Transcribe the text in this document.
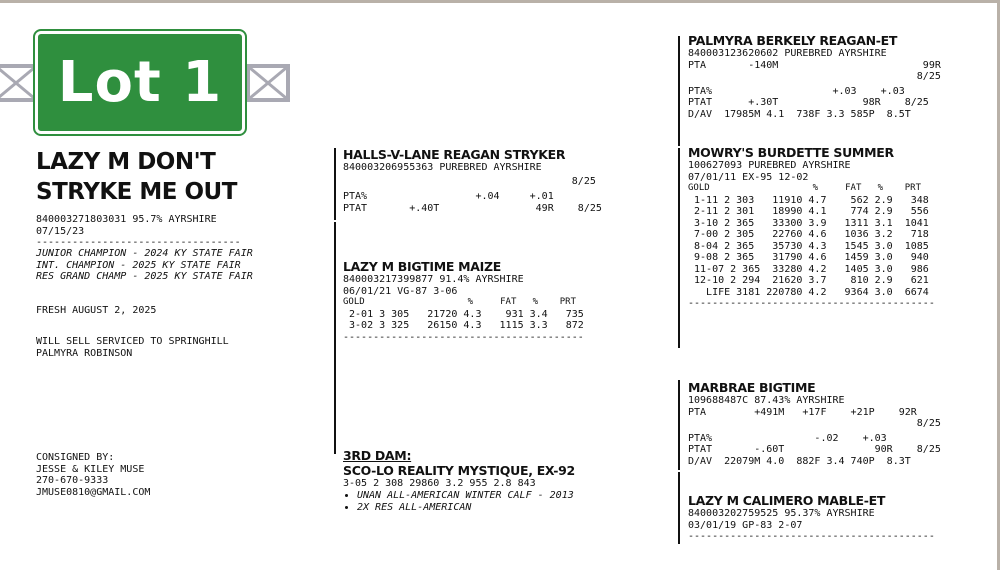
Lot 1
LAZY M DON'T
STRYKE ME OUT

840003271803031 95.7% AYRSHIRE

07/15/23

----------------------------------

JUNIOR CHAMPION - 2024 KY STATE FAIR

INT. CHAMPION - 2025 KY STATE FAIR

RES GRAND CHAMP - 2025 KY STATE FAIR

FRESH AUGUST 2, 2025

WILL SELL SERVICED TO SPRINGHILL

PALMYRA ROBINSON

CONSIGNED BY:

JESSE & KILEY MUSE

270-670-9333

JMUSE0810@GMAIL.COM

HALLS-V-LANE REAGAN STRYKER

840003206955363 PUREBRED AYRSHIRE

8/25

PTA%                  +.04     +.01

PTAT       +.40T                49R    8/25

LAZY M BIGTIME MAIZE

840003217399877 91.4% AYRSHIRE

06/01/21 VG-87 3-06

GOLD                   %     FAT   %    PRT

2-01 3 305   21720 4.3    931 3.4   735

3-02 3 325   26150 4.3   1115 3.3   872

----------------------------------------

3RD DAM:

SCO-LO REALITY MYSTIQUE, EX-92

3-05 2 308 29860 3.2 955 2.8 843

• UNAN ALL-AMERICAN WINTER CALF - 2013
• 2X RES ALL-AMERICAN

PALMYRA BERKELY REAGAN-ET

840003123620602 PUREBRED AYRSHIRE

PTA       -140M                        99R

8/25

PTA%                    +.03    +.03

PTAT      +.30T              98R    8/25

D/AV  17985M 4.1  738F 3.3 585P  8.5T

MOWRY'S BURDETTE SUMMER

100627093 PUREBRED AYRSHIRE

07/01/11 EX-95 12-02

GOLD                   %     FAT   %    PRT

1-11 2 303   11910 4.7    562 2.9   348

2-11 2 301   18990 4.1    774 2.9   556

3-10 2 365   33300 3.9   1311 3.1  1041

7-00 2 305   22760 4.6   1036 3.2   718

8-04 2 365   35730 4.3   1545 3.0  1085

9-08 2 365   31790 4.6   1459 3.0   940

11-07 2 365  33280 4.2   1405 3.0   986

12-10 2 294  21620 3.7    810 2.9   621

LIFE 3181 220780 4.2   9364 3.0  6674

-----------------------------------------

MARBRAE BIGTIME

109688487C 87.43% AYRSHIRE

PTA        +491M   +17F    +21P    92R

8/25

PTA%                 -.02    +.03

PTAT       -.60T               90R    8/25

D/AV  22079M 4.0  882F 3.4 740P  8.3T

LAZY M CALIMERO MABLE-ET

840003202759525 95.37% AYRSHIRE

03/01/19 GP-83 2-07

-----------------------------------------
